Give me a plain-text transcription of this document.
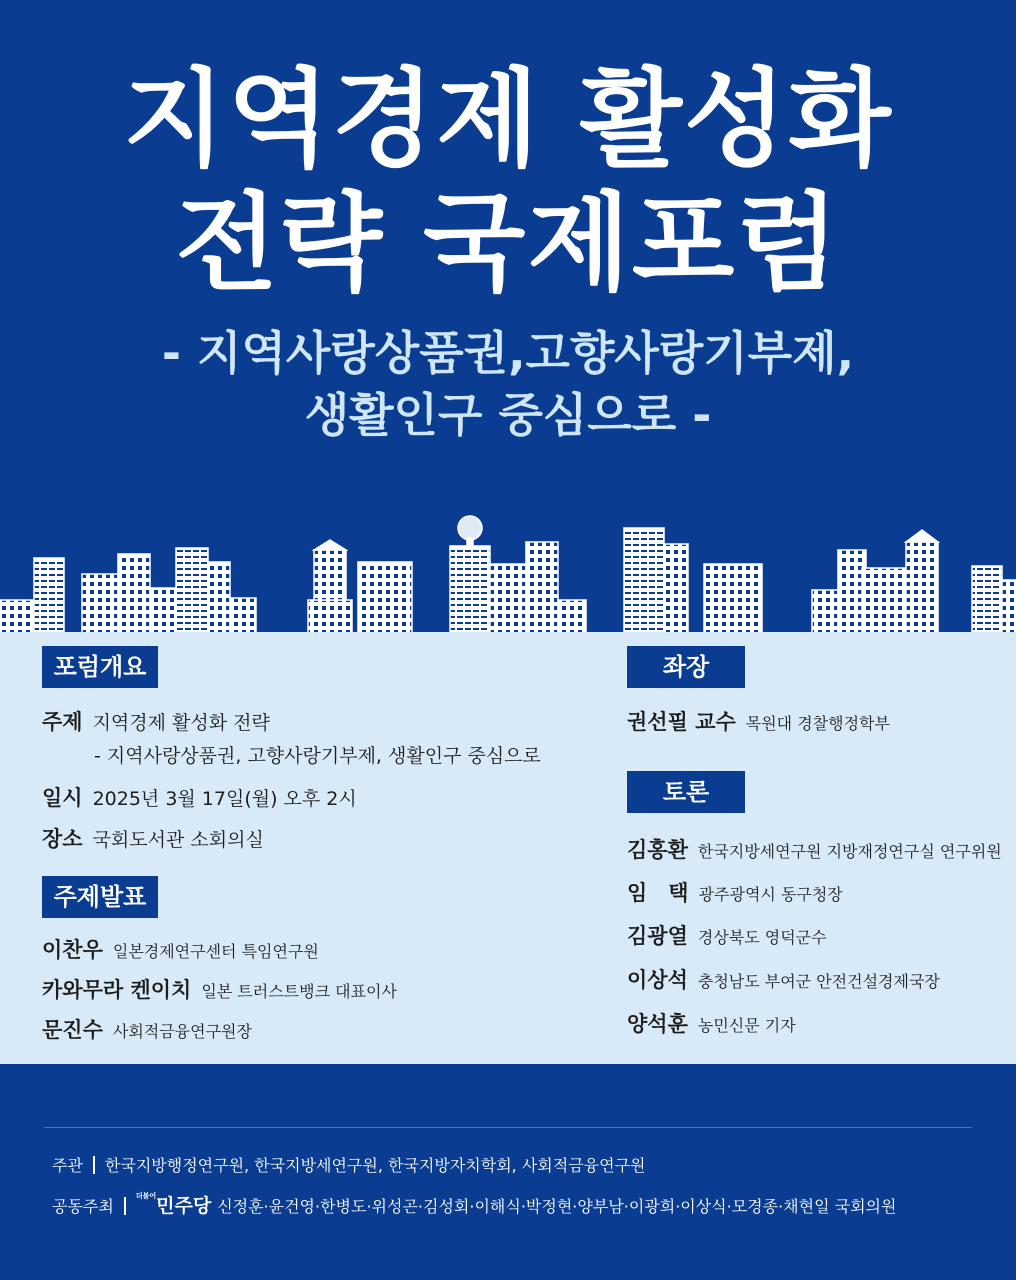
지역경제 활성화
전략 국제포럼
- 지역사랑상품권,고향사랑기부제,
생활인구 중심으로 -
포럼개요
주제 지역경제 활성화 전략
- 지역사랑상품권, 고향사랑기부제, 생활인구 중심으로
일시 2025년 3월 17일(월) 오후 2시
장소 국회도서관 소회의실
주제발표
이찬우 일본경제연구센터 특임연구원
카와무라 켄이치 일본 트러스트뱅크 대표이사
문진수 사회적금융연구원장
좌장
권선필 교수 목원대 경찰행정학부
토론
김홍환 한국지방세연구원 지방재정연구실 연구위원
임　택 광주광역시 동구청장
김광열 경상북도 영덕군수
이상석 충청남도 부여군 안전건설경제국장
양석훈 농민신문 기자
주관 한국지방행정연구원, 한국지방세연구원, 한국지방자치학회, 사회적금융연구원
공동주최$^{더불어}$민주당 신정훈·윤건영·한병도·위성곤·김성회·이해식·박정현·양부남·이광희·이상식·모경종·채현일 국회의원
